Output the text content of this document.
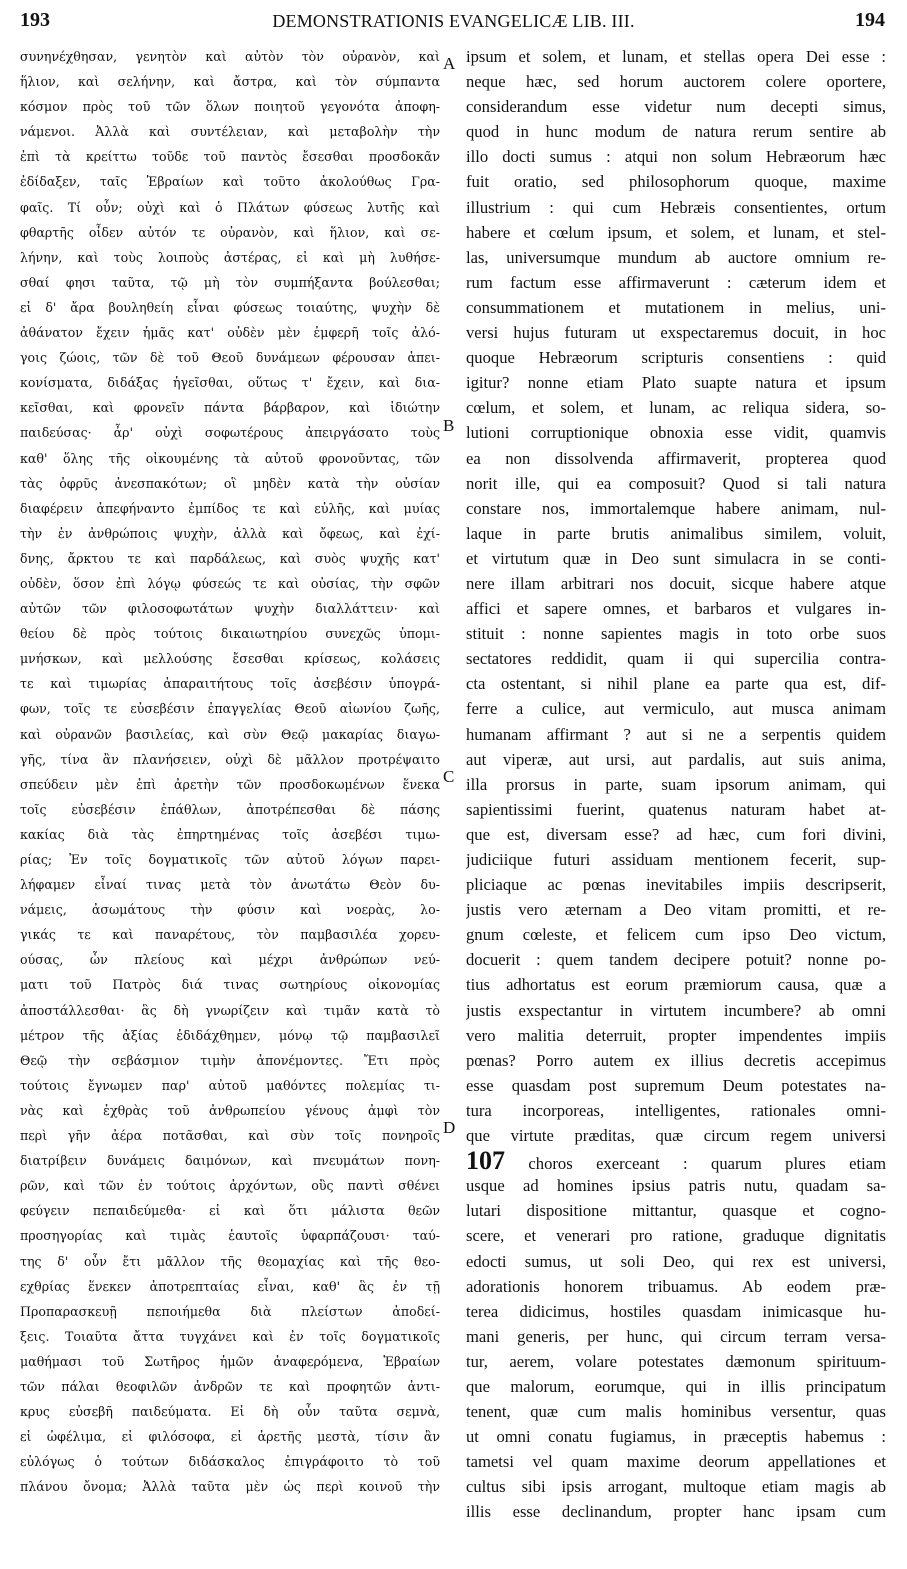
193	DEMONSTRATIONIS EVANGELICÆ LIB. III.	194
A
B
C
D
συνηνέχθησαν, γενητὸν καὶ αὐτὸν τὸν οὐρανὸν, καὶ
ἥλιον, καὶ σελήνην, καὶ ἄστρα, καὶ τὸν σύμπαντα
κόσμον πρὸς τοῦ τῶν ὅλων ποιητοῦ γεγονότα ἀποφη-
νάμενοι. Ἀλλὰ καὶ συντέλειαν, καὶ μεταβολὴν τὴν
ἐπὶ τὰ κρείττω τοῦδε τοῦ παντὸς ἔσεσθαι προσδοκᾶν
ἐδίδαξεν, ταῖς Ἑβραίων καὶ τοῦτο ἀκολούθως Γρα-
φαῖς. Τί οὖν; οὐχὶ καὶ ὁ Πλάτων φύσεως λυτῆς καὶ
φθαρτῆς οἶδεν αὐτόν τε οὐρανὸν, καὶ ἥλιον, καὶ σε-
λήνην, καὶ τοὺς λοιποὺς ἀστέρας, εἰ καὶ μὴ λυθήσε-
σθαί φησι ταῦτα, τῷ μὴ τὸν συμπήξαντα βούλεσθαι;
εἰ δ' ἄρα βουληθείη εἶναι φύσεως τοιαύτης, ψυχὴν δὲ
ἀθάνατον ἔχειν ἡμᾶς κατ' οὐδὲν μὲν ἐμφερῆ τοῖς ἀλό-
γοις ζώοις, τῶν δὲ τοῦ Θεοῦ δυνάμεων φέρουσαν ἀπει-
κονίσματα, διδάξας ἡγεῖσθαι, οὕτως τ' ἔχειν, καὶ δια-
κεῖσθαι, καὶ φρονεῖν πάντα βάρβαρον, καὶ ἰδιώτην
παιδεύσας· ἆρ' οὐχὶ σοφωτέρους ἀπειργάσατο τοὺς
καθ' ὅλης τῆς οἰκουμένης τὰ αὐτοῦ φρονοῦντας, τῶν
τὰς ὀφρῦς ἀνεσπακότων; οἳ μηδὲν κατὰ τὴν οὐσίαν
διαφέρειν ἀπεφήναντο ἐμπίδος τε καὶ εὐλῆς, καὶ μυίας
τὴν ἐν ἀνθρώποις ψυχὴν, ἀλλὰ καὶ ὄφεως, καὶ ἐχί-
δνης, ἄρκτου τε καὶ παρδάλεως, καὶ συὸς ψυχῆς κατ'
οὐδὲν, ὅσον ἐπὶ λόγῳ φύσεώς τε καὶ οὐσίας, τὴν σφῶν
αὐτῶν τῶν φιλοσοφωτάτων ψυχὴν διαλλάττειν· καὶ
θείου δὲ πρὸς τούτοις δικαιωτηρίου συνεχῶς ὑπομι-
μνήσκων, καὶ μελλούσης ἔσεσθαι κρίσεως, κολάσεις
τε καὶ τιμωρίας ἀπαραιτήτους τοῖς ἀσεβέσιν ὑπογρά-
φων, τοῖς τε εὐσεβέσιν ἐπαγγελίας Θεοῦ αἰωνίου ζωῆς,
καὶ οὐρανῶν βασιλείας, καὶ σὺν Θεῷ μακαρίας διαγω-
γῆς, τίνα ἂν πλανήσειεν, οὐχὶ δὲ μᾶλλον προτρέψαιτο
σπεύδειν μὲν ἐπὶ ἀρετὴν τῶν προσδοκωμένων ἕνεκα
τοῖς εὐσεβέσιν ἐπάθλων, ἀποτρέπεσθαι δὲ πάσης
κακίας διὰ τὰς ἐπηρτημένας τοῖς ἀσεβέσι τιμω-
ρίας; Ἐν τοῖς δογματικοῖς τῶν αὐτοῦ λόγων παρει-
λήφαμεν εἶναί τινας μετὰ τὸν ἀνωτάτω Θεὸν δυ-
νάμεις, ἀσωμάτους τὴν φύσιν καὶ νοερὰς, λο-
γικάς τε καὶ παναρέτους, τὸν παμβασιλέα χορευ-
ούσας, ὧν πλείους καὶ μέχρι ἀνθρώπων νεύ-
ματι τοῦ Πατρὸς διά τινας σωτηρίους οἰκονομίας
ἀποστάλλεσθαι· ἃς δὴ γνωρίζειν καὶ τιμᾶν κατὰ τὸ
μέτρον τῆς ἀξίας ἐδιδάχθημεν, μόνῳ τῷ παμβασιλεῖ
Θεῷ τὴν σεβάσμιον τιμὴν ἀπονέμοντες. Ἔτι πρὸς
τούτοις ἔγνωμεν παρ' αὐτοῦ μαθόντες πολεμίας τι-
νὰς καὶ ἐχθρὰς τοῦ ἀνθρωπείου γένους ἀμφὶ τὸν
περὶ γῆν ἀέρα ποτᾶσθαι, καὶ σὺν τοῖς πονηροῖς
διατρίβειν δυνάμεις δαιμόνων, καὶ πνευμάτων πονη-
ρῶν, καὶ τῶν ἐν τούτοις ἀρχόντων, οὓς παντὶ σθένει
φεύγειν πεπαιδεύμεθα· εἰ καὶ ὅτι μάλιστα θεῶν
προσηγορίας καὶ τιμὰς ἑαυτοῖς ὑφαρπάζουσι· ταύ-
της δ' οὖν ἔτι μᾶλλον τῆς θεομαχίας καὶ τῆς θεο-
εχθρίας ἕνεκεν ἀποτρεπταίας εἶναι, καθ' ἃς ἐν τῇ
Προπαρασκευῇ πεποιήμεθα διὰ πλείστων ἀποδεί-
ξεις. Τοιαῦτα ἄττα τυγχάνει καὶ ἐν τοῖς δογματικοῖς
μαθήμασι τοῦ Σωτῆρος ἡμῶν ἀναφερόμενα, Ἑβραίων
τῶν πάλαι θεοφιλῶν ἀνδρῶν τε καὶ προφητῶν ἀντι-
κρυς εὐσεβῆ παιδεύματα. Εἰ δὴ οὖν ταῦτα σεμνὰ,
εἰ ὠφέλιμα, εἰ φιλόσοφα, εἰ ἀρετῆς μεστὰ, τίσιν ἂν
εὐλόγως ὁ τούτων διδάσκαλος ἐπιγράφοιτο τὸ τοῦ
πλάνου ὄνομα; Ἀλλὰ ταῦτα μὲν ὡς περὶ κοινοῦ τὴν
ipsum et solem, et lunam, et stellas opera Dei esse :
neque hæc, sed horum auctorem colere oportere,
considerandum esse videtur num decepti simus,
quod in hunc modum de natura rerum sentire ab
illo docti sumus : atqui non solum Hebræorum hæc
fuit oratio, sed philosophorum quoque, maxime
illustrium : qui cum Hebræis consentientes, ortum
habere et cœlum ipsum, et solem, et lunam, et stel-
las, universumque mundum ab auctore omnium re-
rum factum esse affirmaverunt : cæterum idem et
consummationem et mutationem in melius, uni-
versi hujus futuram ut exspectaremus docuit, in hoc
quoque Hebræorum scripturis consentiens : quid
igitur? nonne etiam Plato suapte natura et ipsum
cœlum, et solem, et lunam, ac reliqua sidera, so-
lutioni corruptionique obnoxia esse vidit, quamvis
ea non dissolvenda affirmaverit, propterea quod
norit ille, qui ea composuit? Quod si tali natura
constare nos, immortalemque habere animam, nul-
laque in parte brutis animalibus similem, voluit,
et virtutum quæ in Deo sunt simulacra in se conti-
nere illam arbitrari nos docuit, sicque habere atque
affici et sapere omnes, et barbaros et vulgares in-
stituit : nonne sapientes magis in toto orbe suos
sectatores reddidit, quam ii qui supercilia contra-
cta ostentant, si nihil plane ea parte qua est, dif-
ferre a culice, aut vermiculo, aut musca animam
humanam affirmant ? aut si ne a serpentis quidem
aut viperæ, aut ursi, aut pardalis, aut suis anima,
illa prorsus in parte, suam ipsorum animam, qui
sapientissimi fuerint, quatenus naturam habet at-
que est, diversam esse? ad hæc, cum fori divini,
judiciique futuri assiduam mentionem fecerit, sup-
pliciaque ac pœnas inevitabiles impiis descripserit,
justis vero æternam a Deo vitam promitti, et re-
gnum cœleste, et felicem cum ipso Deo victum,
docuerit : quem tandem decipere potuit? nonne po-
tius adhortatus est eorum præmiorum causa, quæ a
justis exspectantur in virtutem incumbere? ab omni
vero malitia deterruit, propter impendentes impiis
pœnas? Porro autem ex illius decretis accepimus
esse quasdam post supremum Deum potestates na-
tura incorporeas, intelligentes, rationales omni-
que virtute præditas, quæ circum regem universi
107 choros exerceant : quarum plures etiam
usque ad homines ipsius patris nutu, quadam sa-
lutari dispositione mittantur, quasque et cogno-
scere, et venerari pro ratione, graduque dignitatis
edocti sumus, ut soli Deo, qui rex est universi,
adorationis honorem tribuamus. Ab eodem præ-
terea didicimus, hostiles quasdam inimicasque hu-
mani generis, per hunc, qui circum terram versa-
tur, aerem, volare potestates dæmonum spirituum-
que malorum, eorumque, qui in illis principatum
tenent, quæ cum malis hominibus versentur, quas
ut omni conatu fugiamus, in præceptis habemus :
tametsi vel quam maxime deorum appellationes et
cultus sibi ipsis arrogant, multoque etiam magis ab
illis esse declinandum, propter hanc ipsam cum
